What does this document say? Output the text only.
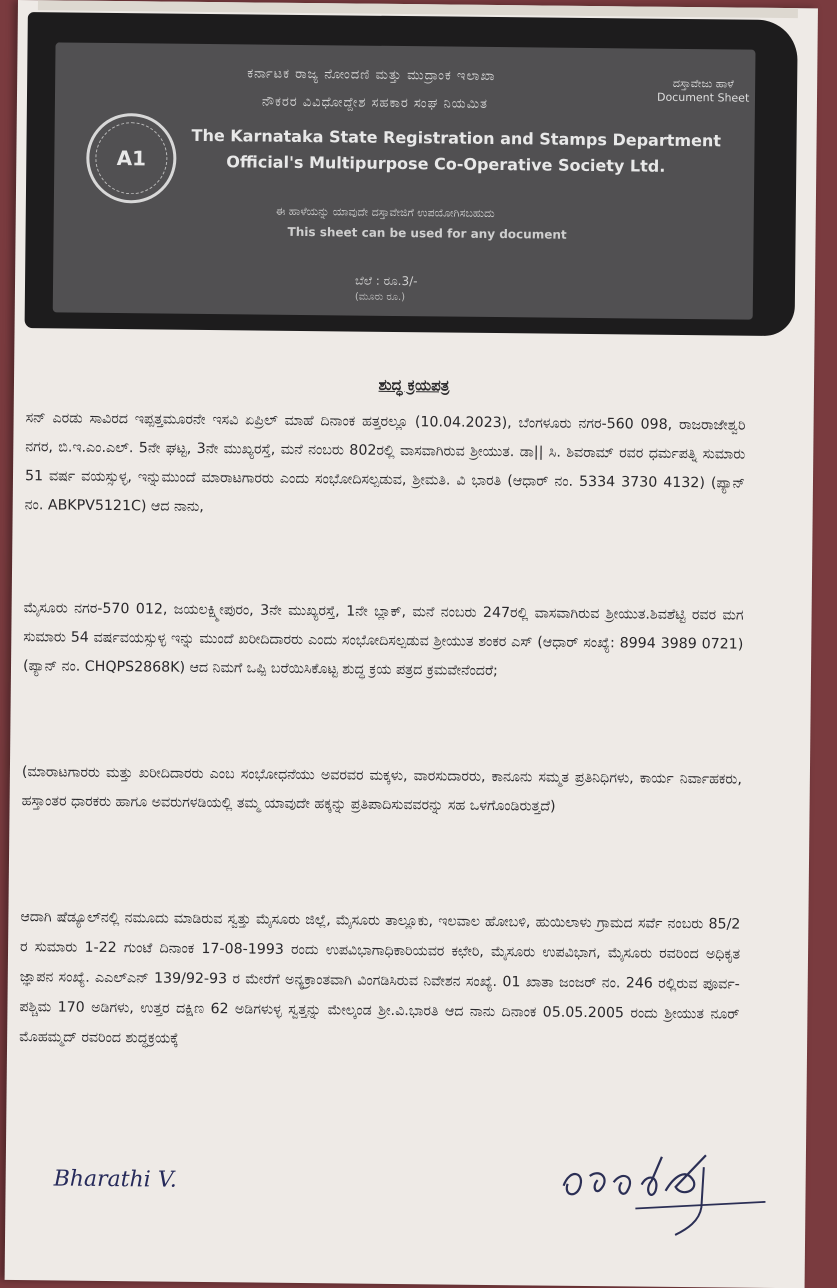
A1
ಕರ್ನಾಟಕ ರಾಜ್ಯ ನೋಂದಣಿ ಮತ್ತು ಮುದ್ರಾಂಕ ಇಲಾಖಾ
ನೌಕರರ ವಿವಿಧೋದ್ದೇಶ ಸಹಕಾರ ಸಂಘ ನಿಯಮಿತ
ದಸ್ತಾವೇಜು ಹಾಳೆ
Document Sheet
The Karnataka State Registration and Stamps Department
Official's Multipurpose Co-Operative Society Ltd.
ಈ ಹಾಳೆಯನ್ನು ಯಾವುದೇ ದಸ್ತಾವೇಜಿಗೆ ಉಪಯೋಗಿಸಬಹುದು
This sheet can be used for any document
ಬೆಲೆ : ರೂ.3/-
(ಮೂರು ರೂ.)
ಶುದ್ಧ ಕ್ರಯಪತ್ರ
ಸನ್ ಎರಡು ಸಾವಿರದ ಇಪ್ಪತ್ತಮೂರನೇ ಇಸವಿ ಏಪ್ರಿಲ್ ಮಾಹೆ ದಿನಾಂಕ ಹತ್ತರಲ್ಲೂ (10.04.2023), ಬೆಂಗಳೂರು ನಗರ-560 098, ರಾಜರಾಜೇಶ್ವರಿ ನಗರ, ಬಿ.ಇ.ಎಂ.ಎಲ್. 5ನೇ ಘಟ್ಟ, 3ನೇ ಮುಖ್ಯರಸ್ತೆ, ಮನೆ ನಂಬರು 802ರಲ್ಲಿ ವಾಸವಾಗಿರುವ ಶ್ರೀಯುತ. ಡಾ|| ಸಿ. ಶಿವರಾಮ್ ರವರ ಧರ್ಮಪತ್ನಿ ಸುಮಾರು 51 ವರ್ಷ ವಯಸ್ಸುಳ್ಳ, ಇನ್ನುಮುಂದೆ ಮಾರಾಟಗಾರರು ಎಂದು ಸಂಭೋದಿಸಲ್ಪಡುವ, ಶ್ರೀಮತಿ. ವಿ ಭಾರತಿ (ಆಧಾರ್ ನಂ. 5334 3730 4132) (ಪ್ಯಾನ್ ನಂ. ABKPV5121C) ಆದ ನಾನು,
ಮೈಸೂರು ನಗರ-570 012, ಜಯಲಕ್ಷ್ಮೀಪುರಂ, 3ನೇ ಮುಖ್ಯರಸ್ತೆ, 1ನೇ ಬ್ಲಾಕ್, ಮನೆ ನಂಬರು 247ರಲ್ಲಿ ವಾಸವಾಗಿರುವ ಶ್ರೀಯುತ.ಶಿವಶೆಟ್ಟಿ ರವರ ಮಗ ಸುಮಾರು 54 ವರ್ಷವಯಸ್ಸುಳ್ಳ ಇನ್ನು ಮುಂದೆ ಖರೀದಿದಾರರು ಎಂದು ಸಂಭೋದಿಸಲ್ಪಡುವ ಶ್ರೀಯುತ ಶಂಕರ ಎಸ್ (ಆಧಾರ್ ಸಂಖ್ಯೆ: 8994 3989 0721) (ಪ್ಯಾನ್ ನಂ. CHQPS2868K) ಆದ ನಿಮಗೆ ಒಪ್ಪಿ ಬರೆಯಿಸಿಕೊಟ್ಟ ಶುದ್ಧ ಕ್ರಯ ಪತ್ರದ ಕ್ರಮವೇನೆಂದರೆ;
(ಮಾರಾಟಗಾರರು ಮತ್ತು ಖರೀದಿದಾರರು ಎಂಬ ಸಂಭೋಧನೆಯು ಅವರವರ ಮಕ್ಕಳು, ವಾರಸುದಾರರು, ಕಾನೂನು ಸಮ್ಮತ ಪ್ರತಿನಿಧಿಗಳು, ಕಾರ್ಯ ನಿರ್ವಾಹಕರು, ಹಸ್ತಾಂತರ ಧಾರಕರು ಹಾಗೂ ಅವರುಗಳಡಿಯಲ್ಲಿ ತಮ್ಮ ಯಾವುದೇ ಹಕ್ಕನ್ನು ಪ್ರತಿಪಾದಿಸುವವರನ್ನು ಸಹ ಒಳಗೊಂಡಿರುತ್ತದೆ)
ಆದಾಗಿ ಷೆಡ್ಯೂಲ್‌ನಲ್ಲಿ ನಮೂದು ಮಾಡಿರುವ ಸ್ವತ್ತು ಮೈಸೂರು ಜಿಲ್ಲೆ, ಮೈಸೂರು ತಾಲ್ಲೂಕು, ಇಲವಾಲ ಹೋಬಳಿ, ಹುಯಿಲಾಳು ಗ್ರಾಮದ ಸರ್ವೆ ನಂಬರು 85/2 ರ ಸುಮಾರು 1-22 ಗುಂಟೆ ದಿನಾಂಕ 17-08-1993 ರಂದು ಉಪವಿಭಾಗಾಧಿಕಾರಿಯವರ ಕಛೇರಿ, ಮೈಸೂರು ಉಪವಿಭಾಗ, ಮೈಸೂರು ರವರಿಂದ ಅಧಿಕೃತ ಜ್ಞಾಪನ ಸಂಖ್ಯೆ. ಎಎಲ್ಎನ್ 139/92-93 ರ ಮೇರೆಗೆ ಅನ್ಯಕ್ರಾಂತವಾಗಿ ವಿಂಗಡಿಸಿರುವ ನಿವೇಶನ ಸಂಖ್ಯೆ. 01 ಖಾತಾ ಜಂಜರ್ ನಂ. 246 ರಲ್ಲಿರುವ ಪೂರ್ವ-ಪಶ್ಚಿಮ 170 ಅಡಿಗಳು, ಉತ್ತರ ದಕ್ಷಿಣ 62 ಅಡಿಗಳುಳ್ಳ ಸ್ವತ್ತನ್ನು ಮೇಲ್ಕಂಡ ಶ್ರೀ.ವಿ.ಭಾರತಿ ಆದ ನಾನು ದಿನಾಂಕ 05.05.2005 ರಂದು ಶ್ರೀಯುತ ನೂರ್ ಮೊಹಮ್ಮದ್ ರವರಿಂದ ಶುದ್ಧಕ್ರಯಕ್ಕೆ
Bharathi V.
